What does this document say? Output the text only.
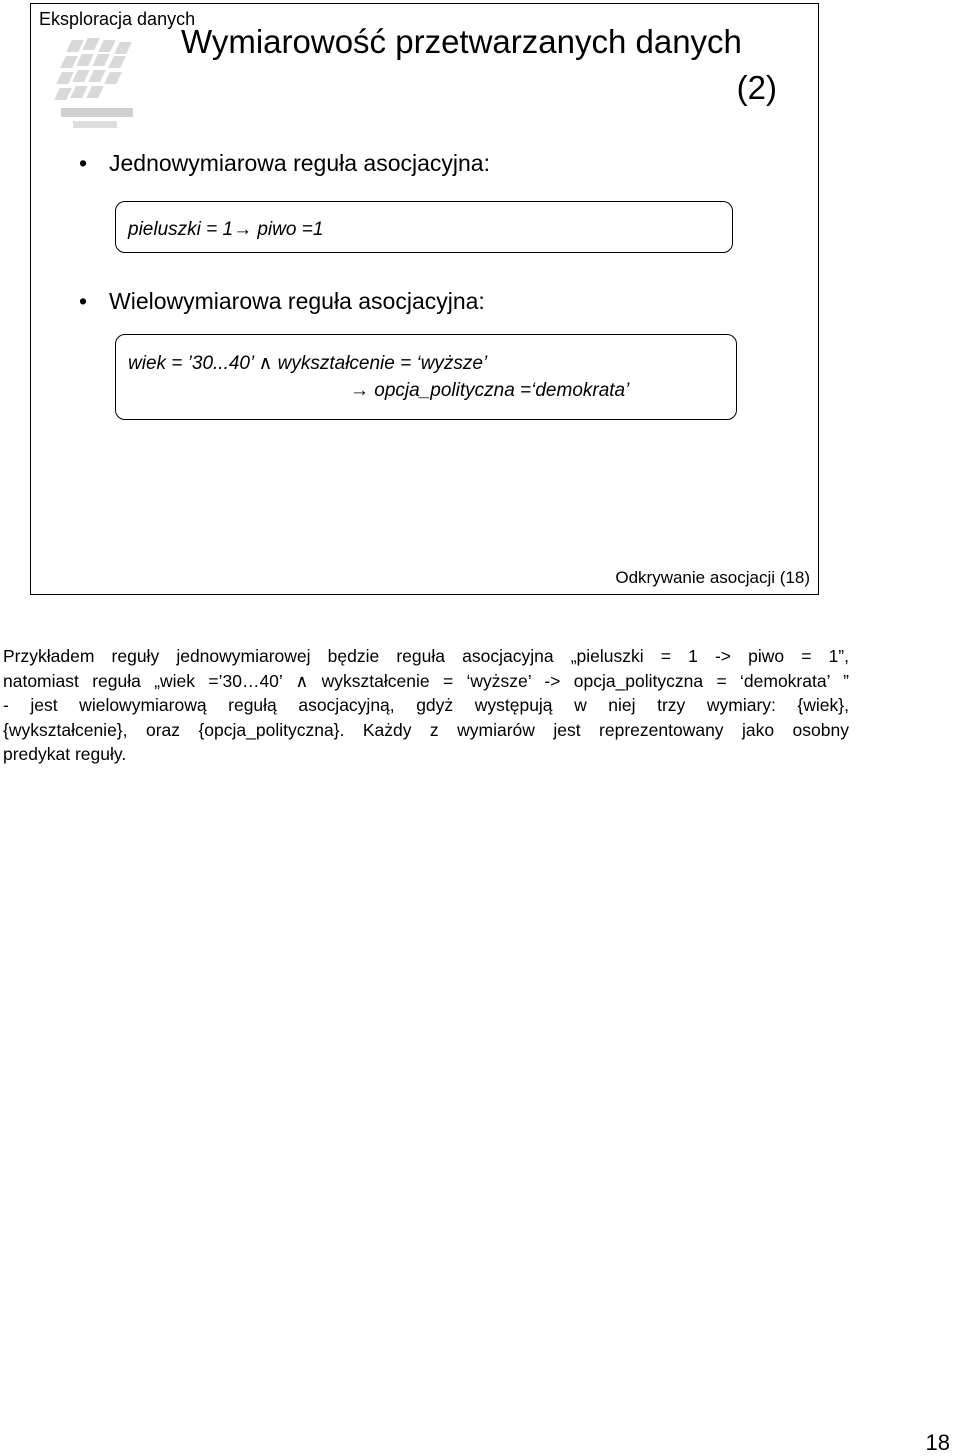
Eksploracja danych
Wymiarowość przetwarzanych danych
(2)
• Jednowymiarowa reguła asocjacyjna:
pieluszki = 1→ piwo =1
• Wielowymiarowa reguła asocjacyjna:
wiek = ’30...40’ ∧ wykształcenie = ‘wyższe’
→ opcja_polityczna =‘demokrata’
Odkrywanie asocjacji (18)
Przykładem reguły jednowymiarowej będzie reguła asocjacyjna „pieluszki = 1 -> piwo = 1”,
natomiast reguła „wiek =’30…40’ ∧ wykształcenie = ‘wyższe’ -> opcja_polityczna = ‘demokrata’ ”
- jest wielowymiarową regułą asocjacyjną, gdyż występują w niej trzy wymiary: {wiek},
{wykształcenie}, oraz {opcja_polityczna}. Każdy z wymiarów jest reprezentowany jako osobny
predykat reguły.
18
